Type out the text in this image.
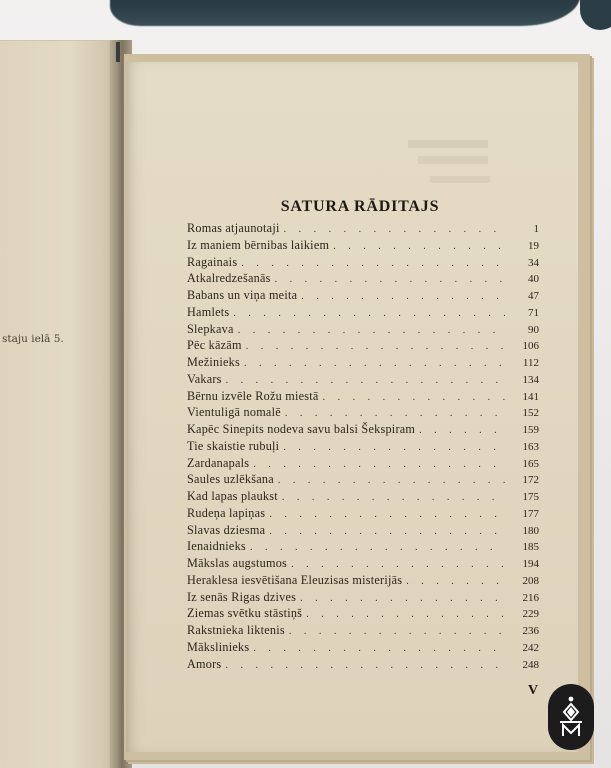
staju ielā 5.
SATURA RĀDITAJS
Romas atjaunotaji . . .	1
Iz maniem bērnibas laikiem . . .	19
Ragainais . . .	34
Atkalredzešanās . . .	40
Babans un viņa meita . . .	47
Hamlets . . .	71
Slepkava . . .	90
Pēc kāzām . . .	106
Mežinieks . . .	112
Vakars . . .	134
Bērnu izvēle Rožu miestā . . .	141
Vientuligā nomalē . . .	152
Kapēc Sinepits nodeva savu balsi Šekspiram . . .	159
Tie skaistie rubuļi . . .	163
Zardanapals . . .	165
Saules uzlēkšana . . .	172
Kad lapas plaukst . . .	175
Rudeņa lapiņas . . .	177
Slavas dziesma . . .	180
Ienaidnieks . . .	185
Mākslas augstumos . . .	194
Heraklesa iesvētišana Eleuzisas misterijās . . .	208
Iz senās Rigas dzives . . .	216
Ziemas svētku stāstiņš . . .	229
Rakstnieka liktenis . . .	236
Mākslinieks . . .	242
Amors . . .	248
V
